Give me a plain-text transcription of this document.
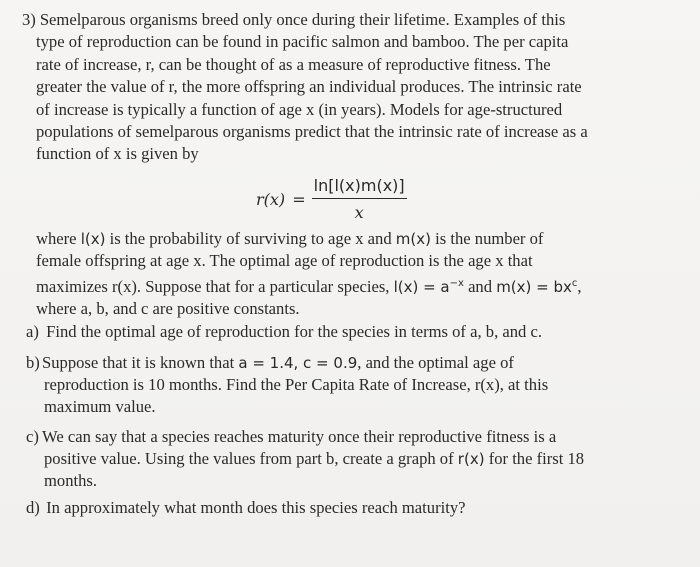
3) Semelparous organisms breed only once during their lifetime. Examples of this
type of reproduction can be found in pacific salmon and bamboo. The per capita
rate of increase, r, can be thought of as a measure of reproductive fitness. The
greater the value of r, the more offspring an individual produces. The intrinsic rate
of increase is typically a function of age x (in years). Models for age-structured
populations of semelparous organisms predict that the intrinsic rate of increase as a
function of x is given by
$r(x) = \frac{\ln[l(x)m(x)]}{x}$
where l(x) is the probability of surviving to age x and m(x) is the number of
female offspring at age x. The optimal age of reproduction is the age x that
maximizes r(x). Suppose that for a particular species, $l(x) = a^{-x}$ and $m(x) = bx^c$,
where a, b, and c are positive constants.
a) Find the optimal age of reproduction for the species in terms of a, b, and c.
b) Suppose that it is known that a = 1.4, c = 0.9, and the optimal age of
reproduction is 10 months. Find the Per Capita Rate of Increase, r(x), at this
maximum value.
c) We can say that a species reaches maturity once their reproductive fitness is a
positive value. Using the values from part b, create a graph of r(x) for the first 18
months.
d) In approximately what month does this species reach maturity?
